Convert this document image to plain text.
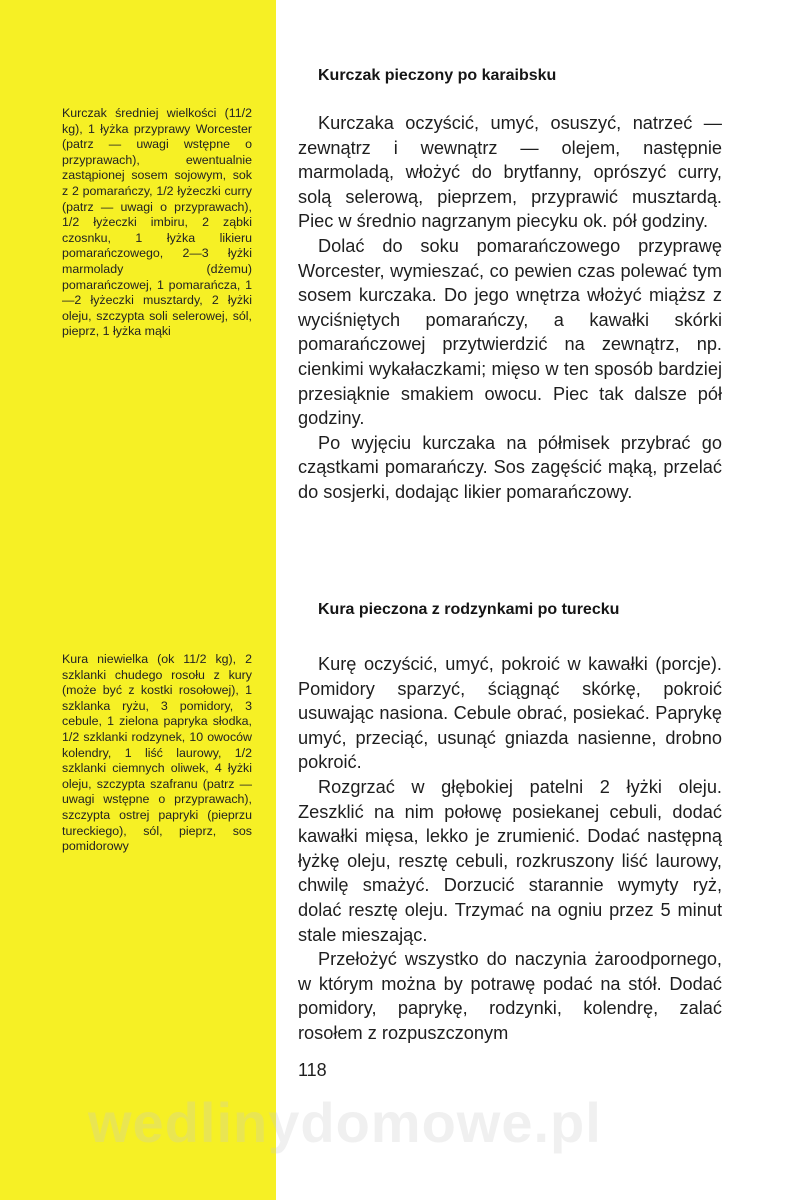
Kurczak średniej wielkości (11/2 kg), 1 łyżka przyprawy Worcester (patrz — uwagi wstępne o przyprawach), ewentualnie zastąpionej sosem sojowym, sok z 2 pomarańczy, 1/2 łyżeczki curry (patrz — uwagi o przyprawach), 1/2 łyżeczki imbiru, 2 ząbki czosnku, 1 łyżka likieru pomarańczowego, 2—3 łyżki marmolady (dżemu) pomarańczowej, 1 pomarańcza, 1—2 łyżeczki musztardy, 2 łyżki oleju, szczypta soli selerowej, sól, pieprz, 1 łyżka mąki
Kura niewielka (ok 11/2 kg), 2 szklanki chudego rosołu z kury (może być z kostki rosołowej), 1 szklanka ryżu, 3 pomidory, 3 cebule, 1 zielona papryka słodka, 1/2 szklanki rodzynek, 10 owoców kolendry, 1 liść laurowy, 1/2 szklanki ciemnych oliwek, 4 łyżki oleju, szczypta szafranu (patrz — uwagi wstępne o przyprawach), szczypta ostrej papryki (pieprzu tureckiego), sól, pieprz, sos pomidorowy
Kurczak pieczony po karaibsku

Kurczaka oczyścić, umyć, osuszyć, natrzeć — zewnątrz i wewnątrz — olejem, następnie marmoladą, włożyć do brytfanny, oprószyć curry, solą selerową, pieprzem, przyprawić musztardą. Piec w średnio nagrzanym piecyku ok. pół godziny.

Dolać do soku pomarańczowego przyprawę Worcester, wymieszać, co pewien czas polewać tym sosem kurczaka. Do jego wnętrza włożyć miąższ z wyciśniętych pomarańczy, a kawałki skórki pomarańczowej przytwierdzić na zewnątrz, np. cienkimi wykałaczkami; mięso w ten sposób bardziej przesiąknie smakiem owocu. Piec tak dalsze pół godziny.

Po wyjęciu kurczaka na półmisek przybrać go cząstkami pomarańczy. Sos zagęścić mąką, przelać do sosjerki, dodając likier pomarańczowy.

Kura pieczona z rodzynkami po turecku

Kurę oczyścić, umyć, pokroić w kawałki (porcje). Pomidory sparzyć, ściągnąć skórkę, pokroić usuwając nasiona. Cebule obrać, posiekać. Paprykę umyć, przeciąć, usunąć gniazda nasienne, drobno pokroić.

Rozgrzać w głębokiej patelni 2 łyżki oleju. Zeszklić na nim połowę posiekanej cebuli, dodać kawałki mięsa, lekko je zrumienić. Dodać następną łyżkę oleju, resztę cebuli, rozkruszony liść laurowy, chwilę smażyć. Dorzucić starannie wymyty ryż, dolać resztę oleju. Trzymać na ogniu przez 5 minut stale mieszając.

Przełożyć wszystko do naczynia żaroodpornego, w którym można by potrawę podać na stół. Dodać pomidory, paprykę, rodzynki, kolendrę, zalać rosołem z rozpuszczonym

118
wedlinydomowe.pl
